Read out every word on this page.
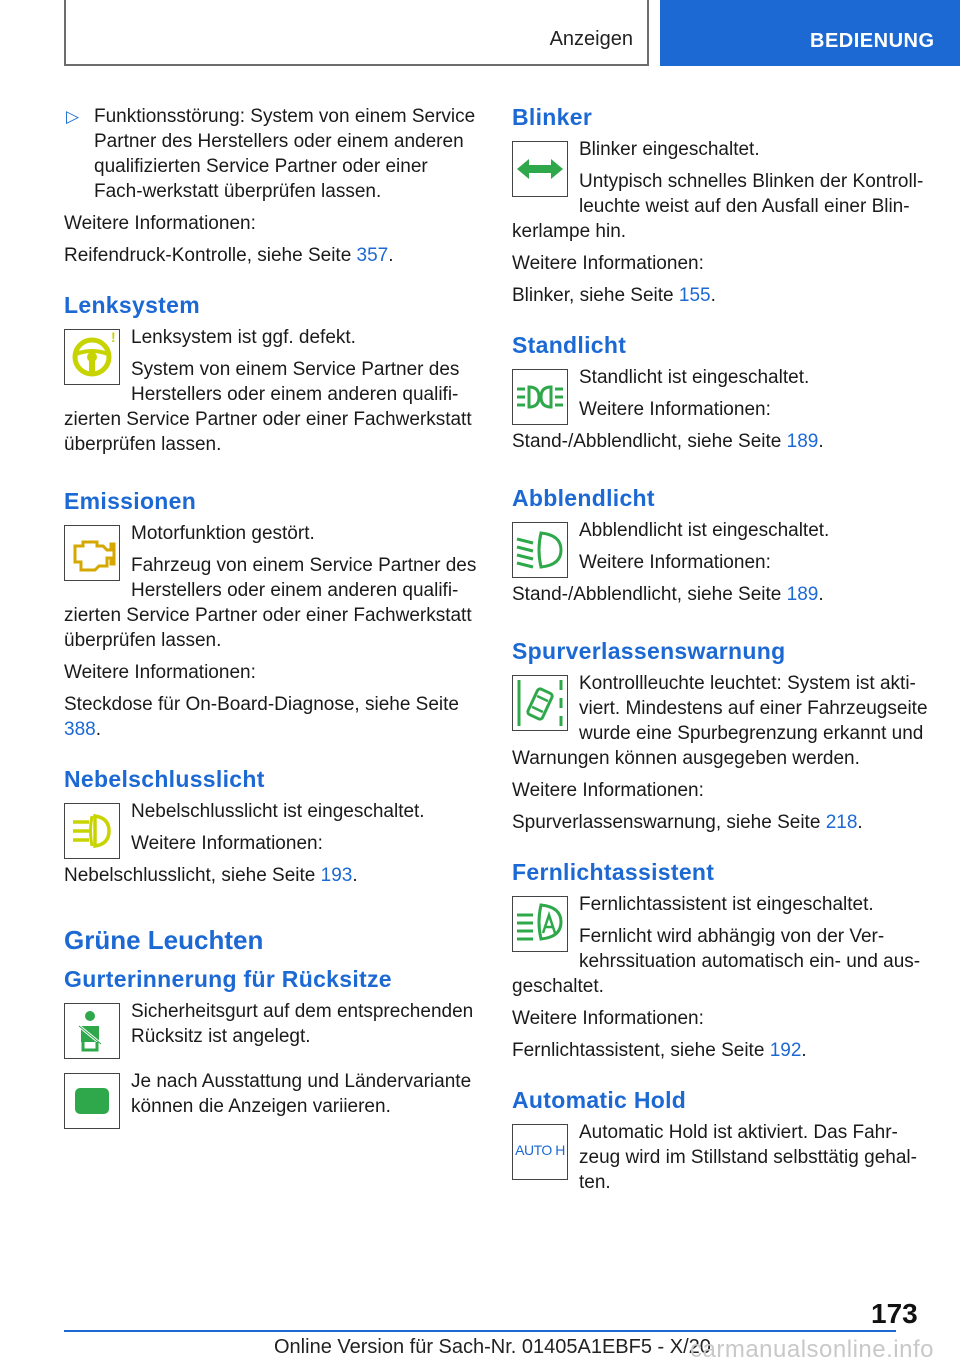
Anzeigen	BEDIENUNG

▷ Funktionsstörung: System von einem Service Partner des Herstellers oder einem anderen qualifizierten Service Partner oder einer Fach-werkstatt überprüfen lassen.

Weitere Informationen:

Reifendruck-Kontrolle, siehe Seite 357.

Lenksystem
! Lenksystem ist ggf. defekt.

System von einem Service Partner des Herstellers oder einem anderen qualifi-zierten Service Partner oder einer Fachwerkstatt überprüfen lassen.

Emissionen

Motorfunktion gestört.

Fahrzeug von einem Service Partner des Herstellers oder einem anderen qualifi-zierten Service Partner oder einer Fachwerkstatt überprüfen lassen.

Weitere Informationen:

Steckdose für On-Board-Diagnose, siehe Seite 388.

Nebelschlusslicht

Nebelschlusslicht ist eingeschaltet.

Weitere Informationen:

Nebelschlusslicht, siehe Seite 193.

Grüne Leuchten
Gurterinnerung für Rücksitze

Sicherheitsgurt auf dem entsprechenden Rücksitz ist angelegt.

Je nach Ausstattung und Ländervariante können die Anzeigen variieren.

Blinker

Blinker eingeschaltet.

Untypisch schnelles Blinken der Kontroll-leuchte weist auf den Ausfall einer Blin-kerlampe hin.

Weitere Informationen:

Blinker, siehe Seite 155.

Standlicht

Standlicht ist eingeschaltet.

Weitere Informationen:

Stand-/Abblendlicht, siehe Seite 189.

Abblendlicht

Abblendlicht ist eingeschaltet.

Weitere Informationen:

Stand-/Abblendlicht, siehe Seite 189.

Spurverlassenswarnung

Kontrollleuchte leuchtet: System ist akti-viert. Mindestens auf einer Fahrzeugseite wurde eine Spurbegrenzung erkannt und Warnungen können ausgegeben werden.

Weitere Informationen:

Spurverlassenswarnung, siehe Seite 218.

Fernlichtassistent

Fernlichtassistent ist eingeschaltet.

Fernlicht wird abhängig von der Ver-kehrssituation automatisch ein- und aus-geschaltet.

Weitere Informationen:

Fernlichtassistent, siehe Seite 192.

Automatic Hold
AUTO H

Automatic Hold ist aktiviert. Das Fahr-zeug wird im Stillstand selbsttätig gehal-ten.

173
Online Version für Sach-Nr. 01405A1EBF5 - X/20
carmanualsonline.info
